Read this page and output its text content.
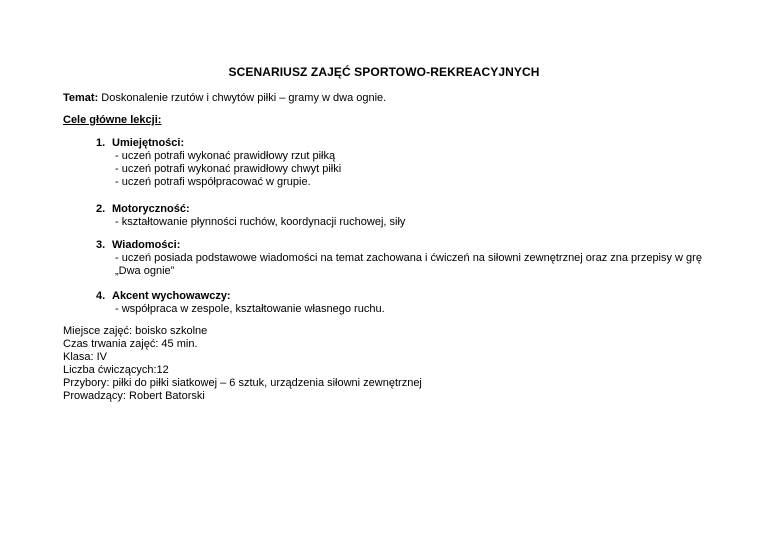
SCENARIUSZ ZAJĘĆ SPORTOWO-REKREACYJNYCH
Temat: Doskonalenie rzutów i chwytów piłki – gramy w dwa ognie.
Cele główne lekcji:
1. Umiejętności:
- uczeń potrafi wykonać prawidłowy rzut piłką
- uczeń potrafi wykonać prawidłowy chwyt piłki
- uczeń potrafi współpracować w grupie.
2. Motoryczność:
- kształtowanie płynności ruchów, koordynacji ruchowej, siły
3. Wiadomości:
- uczeń posiada podstawowe wiadomości na temat zachowana i ćwiczeń na siłowni zewnętrznej oraz zna przepisy w grę
„Dwa ognie”
4. Akcent wychowawczy:
- współpraca w zespole, kształtowanie własnego ruchu.
Miejsce zajęć: boisko szkolne
Czas trwania zajęć: 45 min.
Klasa: IV
Liczba ćwiczących:12
Przybory: piłki do piłki siatkowej – 6 sztuk, urządzenia siłowni zewnętrznej
Prowadzący: Robert Batorski
